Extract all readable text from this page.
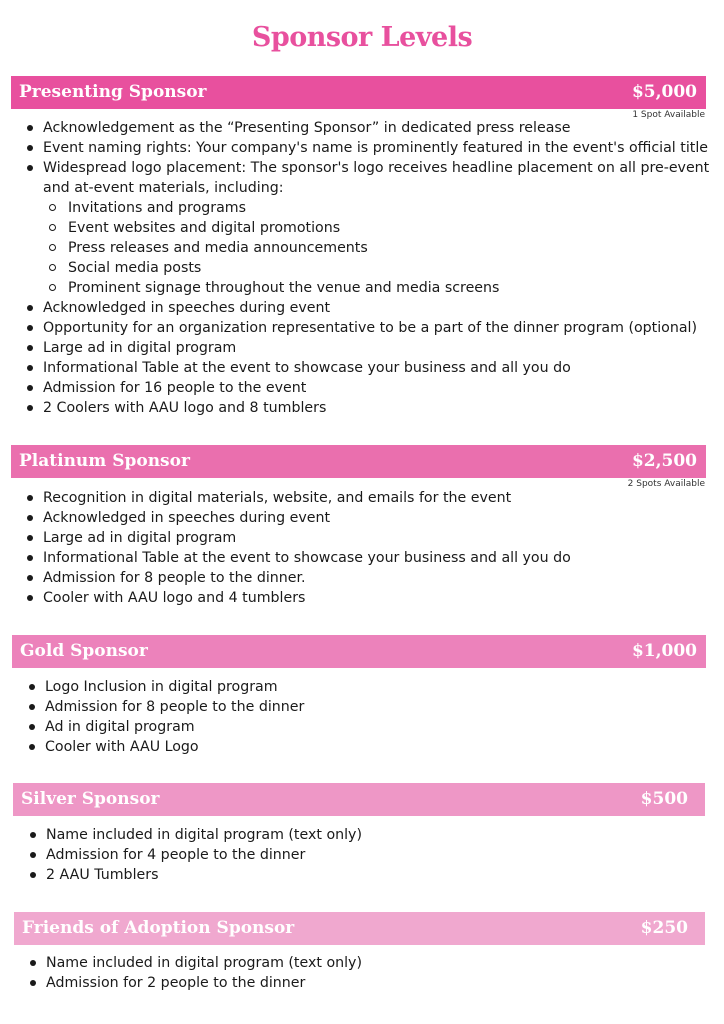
Sponsor Levels
Presenting Sponsor	$5,000
1 Spot Available
Acknowledgement as the “Presenting Sponsor” in dedicated press release
Event naming rights: Your company's name is prominently featured in the event's official title
Widespread logo placement: The sponsor's logo receives headline placement on all pre-event and at-event materials, including:
Invitations and programs
Event websites and digital promotions
Press releases and media announcements
Social media posts
Prominent signage throughout the venue and media screens
Acknowledged in speeches during event
Opportunity for an organization representative to be a part of the dinner program (optional)
Large ad in digital program
Informational Table at the event to showcase your business and all you do
Admission for 16 people to the event
2 Coolers with AAU logo and 8 tumblers
Platinum Sponsor	$2,500
2 Spots Available
Recognition in digital materials, website, and emails for the event
Acknowledged in speeches during event
Large ad in digital program
Informational Table at the event to showcase your business and all you do
Admission for 8 people to the dinner.
Cooler with AAU logo and 4 tumblers
Gold Sponsor	$1,000
Logo Inclusion in digital program
Admission for 8 people to the dinner
Ad in digital program
Cooler with AAU Logo
Silver Sponsor	$500
Name included in digital program (text only)
Admission for 4 people to the dinner
2 AAU Tumblers
Friends of Adoption Sponsor	$250
Name included in digital program (text only)
Admission for 2 people to the dinner
